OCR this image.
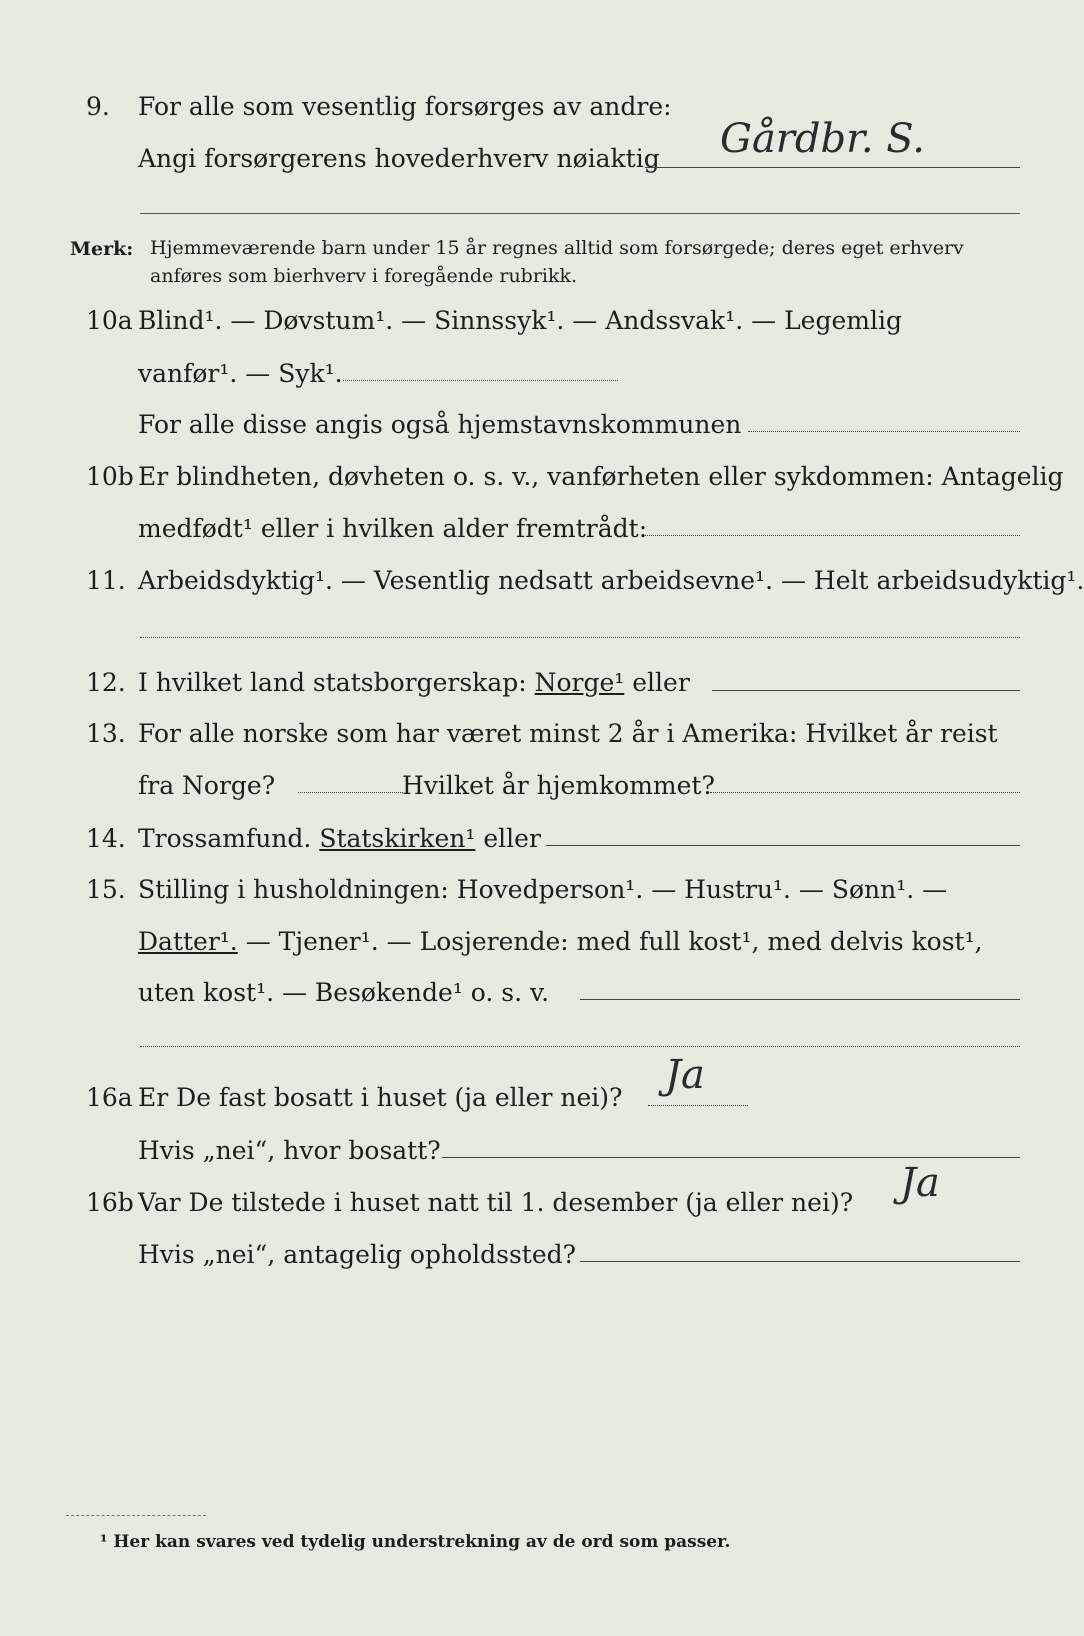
9. For alle som vesentlig forsørges av andre:
Angi forsørgerens hovederhverv nøiaktig	Gårdbr. S.
Merk: Hjemmeværende barn under 15 år regnes alltid som forsørgede; deres eget erhverv anføres som bierhverv i foregående rubrikk.
10a Blind¹. — Døvstum¹. — Sinnssyk¹. — Andssvak¹. — Legemlig
vanfør¹. — Syk¹.
For alle disse angis også hjemstavnskommunen
10b Er blindheten, døvheten o. s. v., vanførheten eller sykdommen: Antagelig
medfødt¹ eller i hvilken alder fremtrådt:
11. Arbeidsdyktig¹. — Vesentlig nedsatt arbeidsevne¹. — Helt arbeidsudyktig¹.
12. I hvilket land statsborgerskap: Norge¹ eller
13. For alle norske som har været minst 2 år i Amerika: Hvilket år reist
fra Norge?	Hvilket år hjemkommet?
14. Trossamfund. Statskirken¹ eller
15. Stilling i husholdningen: Hovedperson¹. — Hustru¹. — Sønn¹. —
Datter¹. — Tjener¹. — Losjerende: med full kost¹, med delvis kost¹,
uten kost¹. — Besøkende¹ o. s. v.
16a Er De fast bosatt i huset (ja eller nei)?	Ja
Hvis „nei“, hvor bosatt?
16b Var De tilstede i huset natt til 1. desember (ja eller nei)?	Ja
Hvis „nei“, antagelig opholdssted?
¹ Her kan svares ved tydelig understrekning av de ord som passer.
